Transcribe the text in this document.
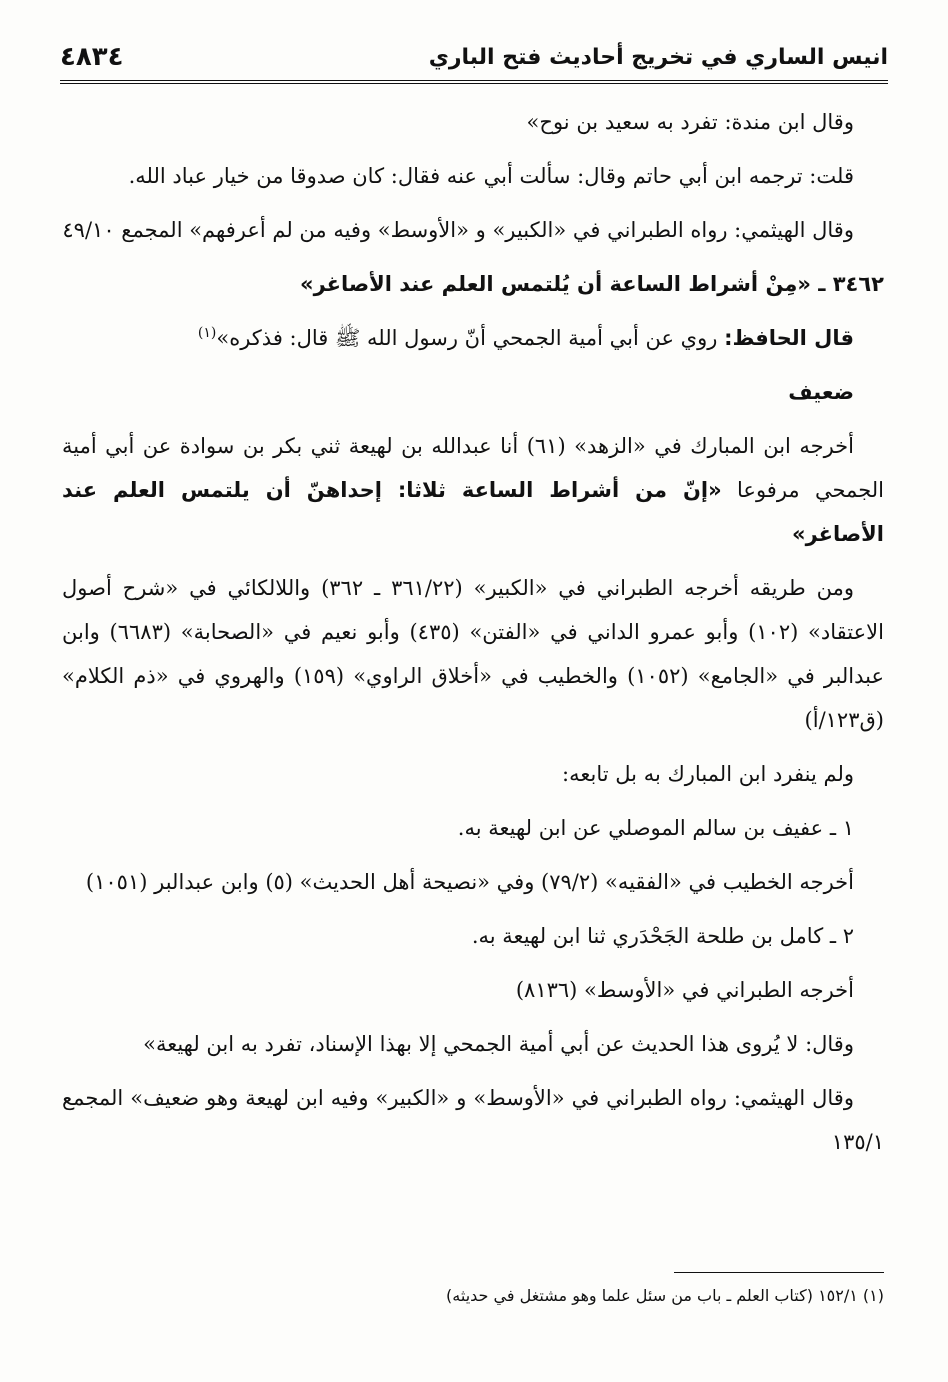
انيس الساري في تخريج أحاديث فتح الباري
٤٨٣٤

وقال ابن مندة: تفرد به سعيد بن نوح»

قلت: ترجمه ابن أبي حاتم وقال: سألت أبي عنه فقال: كان صدوقا من خيار عباد الله.

وقال الهيثمي: رواه الطبراني في «الكبير» و «الأوسط» وفيه من لم أعرفهم» المجمع ٤٩/١٠

٣٤٦٢ ـ «مِنْ أشراط الساعة أن يُلتمس العلم عند الأصاغر»

قال الحافظ: روي عن أبي أمية الجمحي أنّ رسول الله ﷺ قال: فذكره»$^{(١)}$

ضعيف

أخرجه ابن المبارك في «الزهد» (٦١) أنا عبدالله بن لهيعة ثني بكر بن سوادة عن أبي أمية الجمحي مرفوعا «إنّ من أشراط الساعة ثلاثا: إحداهنّ أن يلتمس العلم عند الأصاغر»

ومن طريقه أخرجه الطبراني في «الكبير» (٣٦١/٢٢ ـ ٣٦٢) واللالكائي في «شرح أصول الاعتقاد» (١٠٢) وأبو عمرو الداني في «الفتن» (٤٣٥) وأبو نعيم في «الصحابة» (٦٦٨٣) وابن عبدالبر في «الجامع» (١٠٥٢) والخطيب في «أخلاق الراوي» (١٥٩) والهروي في «ذم الكلام» (ق١٢٣/أ)

ولم ينفرد ابن المبارك به بل تابعه:

١ ـ عفيف بن سالم الموصلي عن ابن لهيعة به.

أخرجه الخطيب في «الفقيه» (٧٩/٢) وفي «نصيحة أهل الحديث» (٥) وابن عبدالبر (١٠٥١)

٢ ـ كامل بن طلحة الجَحْدَري ثنا ابن لهيعة به.

أخرجه الطبراني في «الأوسط» (٨١٣٦)

وقال: لا يُروى هذا الحديث عن أبي أمية الجمحي إلا بهذا الإسناد، تفرد به ابن لهيعة»

وقال الهيثمي: رواه الطبراني في «الأوسط» و «الكبير» وفيه ابن لهيعة وهو ضعيف» المجمع ١٣٥/١

(١) ١٥٢/١ (كتاب العلم ـ باب من سئل علما وهو مشتغل في حديثه)
